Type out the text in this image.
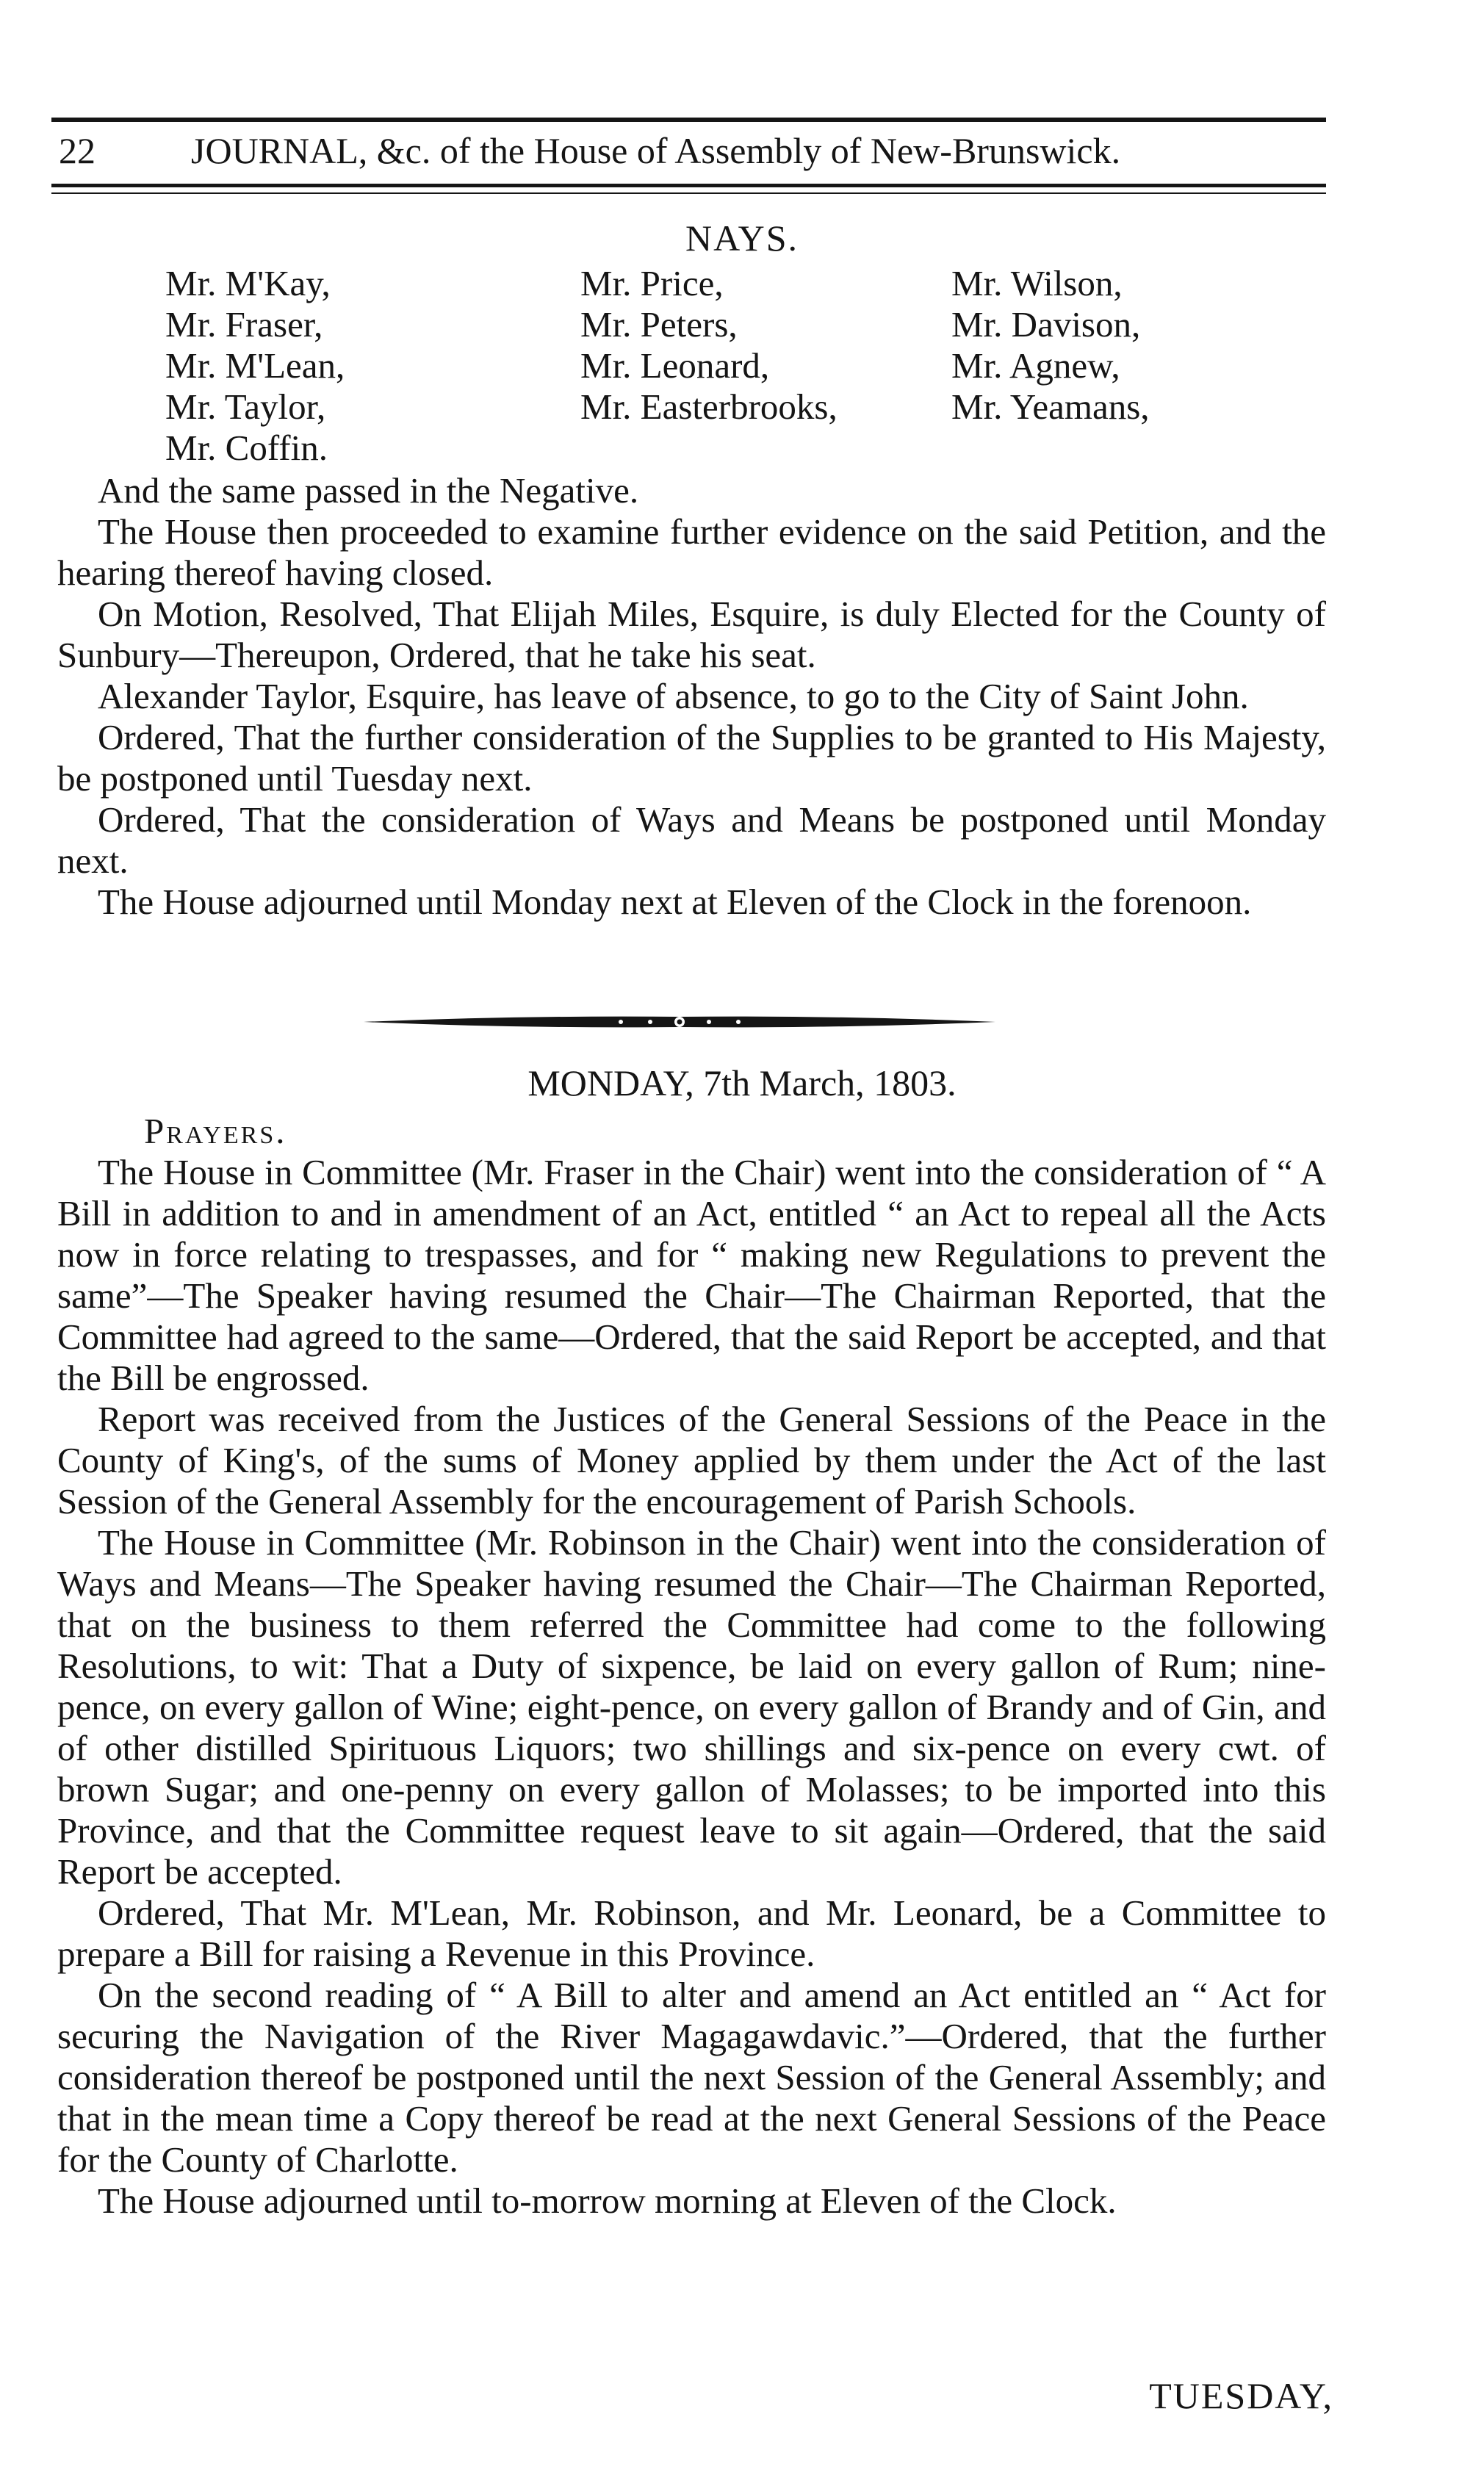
22	JOURNAL, &c. of the House of Assembly of New-Brunswick.
NAYS.
Mr. M'Kay,
Mr. Fraser,
Mr. M'Lean,
Mr. Taylor,
Mr. Coffin.
Mr. Price,
Mr. Peters,
Mr. Leonard,
Mr. Easterbrooks,
Mr. Wilson,
Mr. Davison,
Mr. Agnew,
Mr. Yeamans,

And the same passed in the Negative.

The House then proceeded to examine further evidence on the said Petition, and the hearing thereof having closed.

On Motion, Resolved, That Elijah Miles, Esquire, is duly Elected for the County of Sunbury—Thereupon, Ordered, that he take his seat.

Alexander Taylor, Esquire, has leave of absence, to go to the City of Saint John.

Ordered, That the further consideration of the Supplies to be granted to His Majesty, be postponed until Tuesday next.

Ordered, That the consideration of Ways and Means be postponed until Monday next.

The House adjourned until Monday next at Eleven of the Clock in the forenoon.

MONDAY, 7th March, 1803.

Prayers.

The House in Committee (Mr. Fraser in the Chair) went into the consideration of “ A Bill in addition to and in amendment of an Act, entitled “ an Act to repeal all the Acts now in force relating to trespasses, and for “ making new Regulations to prevent the same”—The Speaker having resumed the Chair—The Chairman Reported, that the Committee had agreed to the same—Ordered, that the said Report be accepted, and that the Bill be engrossed.

Report was received from the Justices of the General Sessions of the Peace in the County of King's, of the sums of Money applied by them under the Act of the last Session of the General Assembly for the encouragement of Parish Schools.

The House in Committee (Mr. Robinson in the Chair) went into the consideration of Ways and Means—The Speaker having resumed the Chair—The Chairman Reported, that on the business to them referred the Committee had come to the following Resolutions, to wit: That a Duty of sixpence, be laid on every gallon of Rum; nine-pence, on every gallon of Wine; eight-pence, on every gallon of Brandy and of Gin, and of other distilled Spirituous Liquors; two shillings and six-pence on every cwt. of brown Sugar; and one-penny on every gallon of Molasses; to be imported into this Province, and that the Committee request leave to sit again—Ordered, that the said Report be accepted.

Ordered, That Mr. M'Lean, Mr. Robinson, and Mr. Leonard, be a Committee to prepare a Bill for raising a Revenue in this Province.

On the second reading of “ A Bill to alter and amend an Act entitled an “ Act for securing the Navigation of the River Magagawdavic.”—Ordered, that the further consideration thereof be postponed until the next Session of the General Assembly; and that in the mean time a Copy thereof be read at the next General Sessions of the Peace for the County of Charlotte.

The House adjourned until to-morrow morning at Eleven of the Clock.

TUESDAY,
